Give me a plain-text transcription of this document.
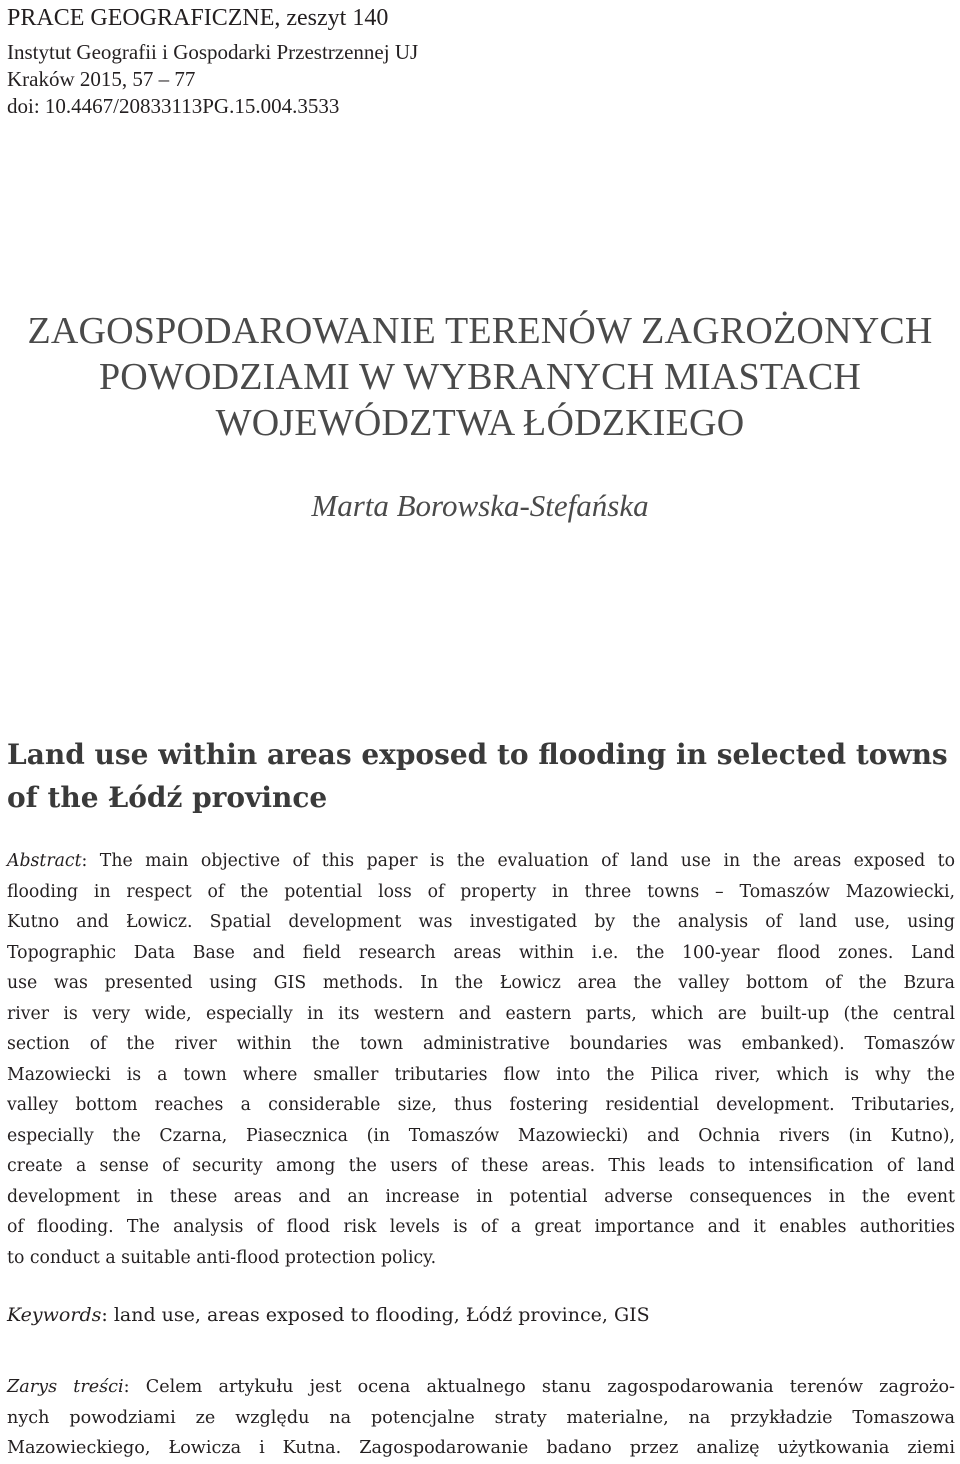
PRACE GEOGRAFICZNE, zeszyt 140

Instytut Geografii i Gospodarki Przestrzennej UJ

Kraków 2015, 57 – 77

doi: 10.4467/20833113PG.15.004.3533

ZAGOSPODAROWANIE TERENÓW ZAGROŻONYCH
POWODZIAMI W WYBRANYCH MIASTACH
WOJEWÓDZTWA ŁÓDZKIEGO
Marta Borowska-Stefańska
Land use within areas exposed to flooding in selected towns
of the Łódź province
Abstract: The main objective of this paper is the evaluation of land use in the areas exposed to
flooding in respect of the potential loss of property in three towns – Tomaszów Mazowiecki,
Kutno and Łowicz. Spatial development was investigated by the analysis of land use, using
Topographic Data Base and field research areas within i.e. the 100-year flood zones. Land
use was presented using GIS methods. In the Łowicz area the valley bottom of the Bzura
river is very wide, especially in its western and eastern parts, which are built-up (the central
section of the river within the town administrative boundaries was embanked). Tomaszów
Mazowiecki is a town where smaller tributaries flow into the Pilica river, which is why the
valley bottom reaches a considerable size, thus fostering residential development. Tributaries,
especially the Czarna, Piasecznica (in Tomaszów Mazowiecki) and Ochnia rivers (in Kutno),
create a sense of security among the users of these areas. This leads to intensification of land
development in these areas and an increase in potential adverse consequences in the event
of flooding. The analysis of flood risk levels is of a great importance and it enables authorities
to conduct a suitable anti-flood protection policy.
Keywords: land use, areas exposed to flooding, Łódź province, GIS
Zarys treści: Celem artykułu jest ocena aktualnego stanu zagospodarowania terenów zagrożo-
nych powodziami ze względu na potencjalne straty materialne, na przykładzie Tomaszowa
Mazowieckiego, Łowicza i Kutna. Zagospodarowanie badano przez analizę użytkowania ziemi
